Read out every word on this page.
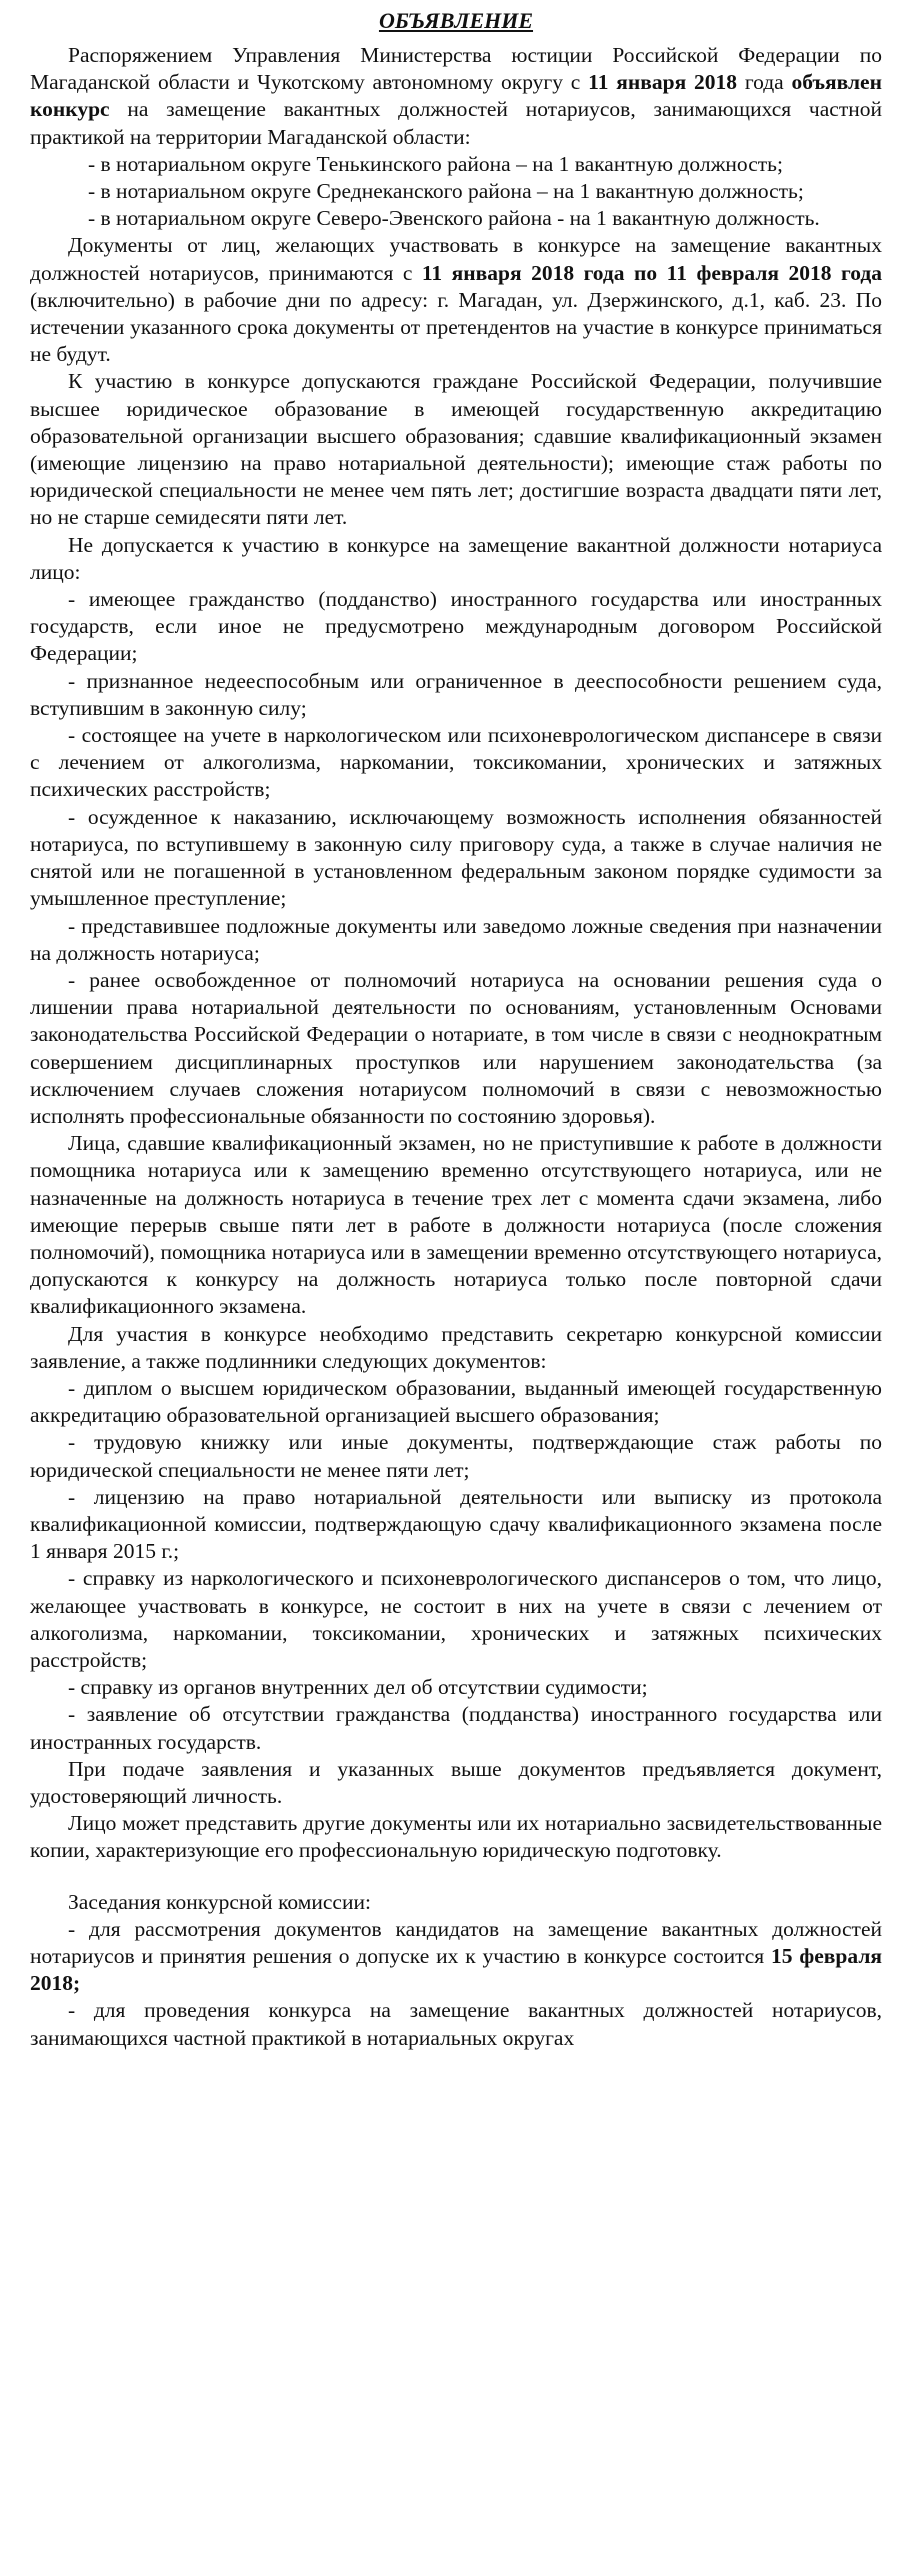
ОБЪЯВЛЕНИЕ

Распоряжением Управления Министерства юстиции Российской Федерации по Магаданской области и Чукотскому автономному округу с 11 января 2018 года объявлен конкурс на замещение вакантных должностей нотариусов, занимающихся частной практикой на территории Магаданской области:

- в нотариальном округе Тенькинского района – на 1 вакантную должность;

- в нотариальном округе Среднеканского района – на 1 вакантную должность;

- в нотариальном округе Северо-Эвенского района - на 1 вакантную должность.

Документы от лиц, желающих участвовать в конкурсе на замещение вакантных должностей нотариусов, принимаются с 11 января 2018 года по 11 февраля 2018 года (включительно) в рабочие дни по адресу: г. Магадан, ул. Дзержинского, д.1, каб. 23. По истечении указанного срока документы от претендентов на участие в конкурсе приниматься не будут.

К участию в конкурсе допускаются граждане Российской Федерации, получившие высшее юридическое образование в имеющей государственную аккредитацию образовательной организации высшего образования; сдавшие квалификационный экзамен (имеющие лицензию на право нотариальной деятельности); имеющие стаж работы по юридической специальности не менее чем пять лет; достигшие возраста двадцати пяти лет, но не старше семидесяти пяти лет.

Не допускается к участию в конкурсе на замещение вакантной должности нотариуса лицо:

- имеющее гражданство (подданство) иностранного государства или иностранных государств, если иное не предусмотрено международным договором Российской Федерации;

- признанное недееспособным или ограниченное в дееспособности решением суда, вступившим в законную силу;

- состоящее на учете в наркологическом или психоневрологическом диспансере в связи с лечением от алкоголизма, наркомании, токсикомании, хронических и затяжных психических расстройств;

- осужденное к наказанию, исключающему возможность исполнения обязанностей нотариуса, по вступившему в законную силу приговору суда, а также в случае наличия не снятой или не погашенной в установленном федеральным законом порядке судимости за умышленное преступление;

- представившее подложные документы или заведомо ложные сведения при назначении на должность нотариуса;

- ранее освобожденное от полномочий нотариуса на основании решения суда о лишении права нотариальной деятельности по основаниям, установленным Основами законодательства Российской Федерации о нотариате, в том числе в связи с неоднократным совершением дисциплинарных проступков или нарушением законодательства (за исключением случаев сложения нотариусом полномочий в связи с невозможностью исполнять профессиональные обязанности по состоянию здоровья).

Лица, сдавшие квалификационный экзамен, но не приступившие к работе в должности помощника нотариуса или к замещению временно отсутствующего нотариуса, или не назначенные на должность нотариуса в течение трех лет с момента сдачи экзамена, либо имеющие перерыв свыше пяти лет в работе в должности нотариуса (после сложения полномочий), помощника нотариуса или в замещении временно отсутствующего нотариуса, допускаются к конкурсу на должность нотариуса только после повторной сдачи квалификационного экзамена.

Для участия в конкурсе необходимо представить секретарю конкурсной комиссии заявление, а также подлинники следующих документов:

- диплом о высшем юридическом образовании, выданный имеющей государственную аккредитацию образовательной организацией высшего образования;

- трудовую книжку или иные документы, подтверждающие стаж работы по юридической специальности не менее пяти лет;

- лицензию на право нотариальной деятельности или выписку из протокола квалификационной комиссии, подтверждающую сдачу квалификационного экзамена после 1 января 2015 г.;

- справку из наркологического и психоневрологического диспансеров о том, что лицо, желающее участвовать в конкурсе, не состоит в них на учете в связи с лечением от алкоголизма, наркомании, токсикомании, хронических и затяжных психических расстройств;

- справку из органов внутренних дел об отсутствии судимости;

- заявление об отсутствии гражданства (подданства) иностранного государства или иностранных государств.

При подаче заявления и указанных выше документов предъявляется документ, удостоверяющий личность.

Лицо может представить другие документы или их нотариально засвидетельствованные копии, характеризующие его профессиональную юридическую подготовку.

Заседания конкурсной комиссии:

- для рассмотрения документов кандидатов на замещение вакантных должностей нотариусов и принятия решения о допуске их к участию в конкурсе состоится 15 февраля 2018;

- для проведения конкурса на замещение вакантных должностей нотариусов, занимающихся частной практикой в нотариальных округах
